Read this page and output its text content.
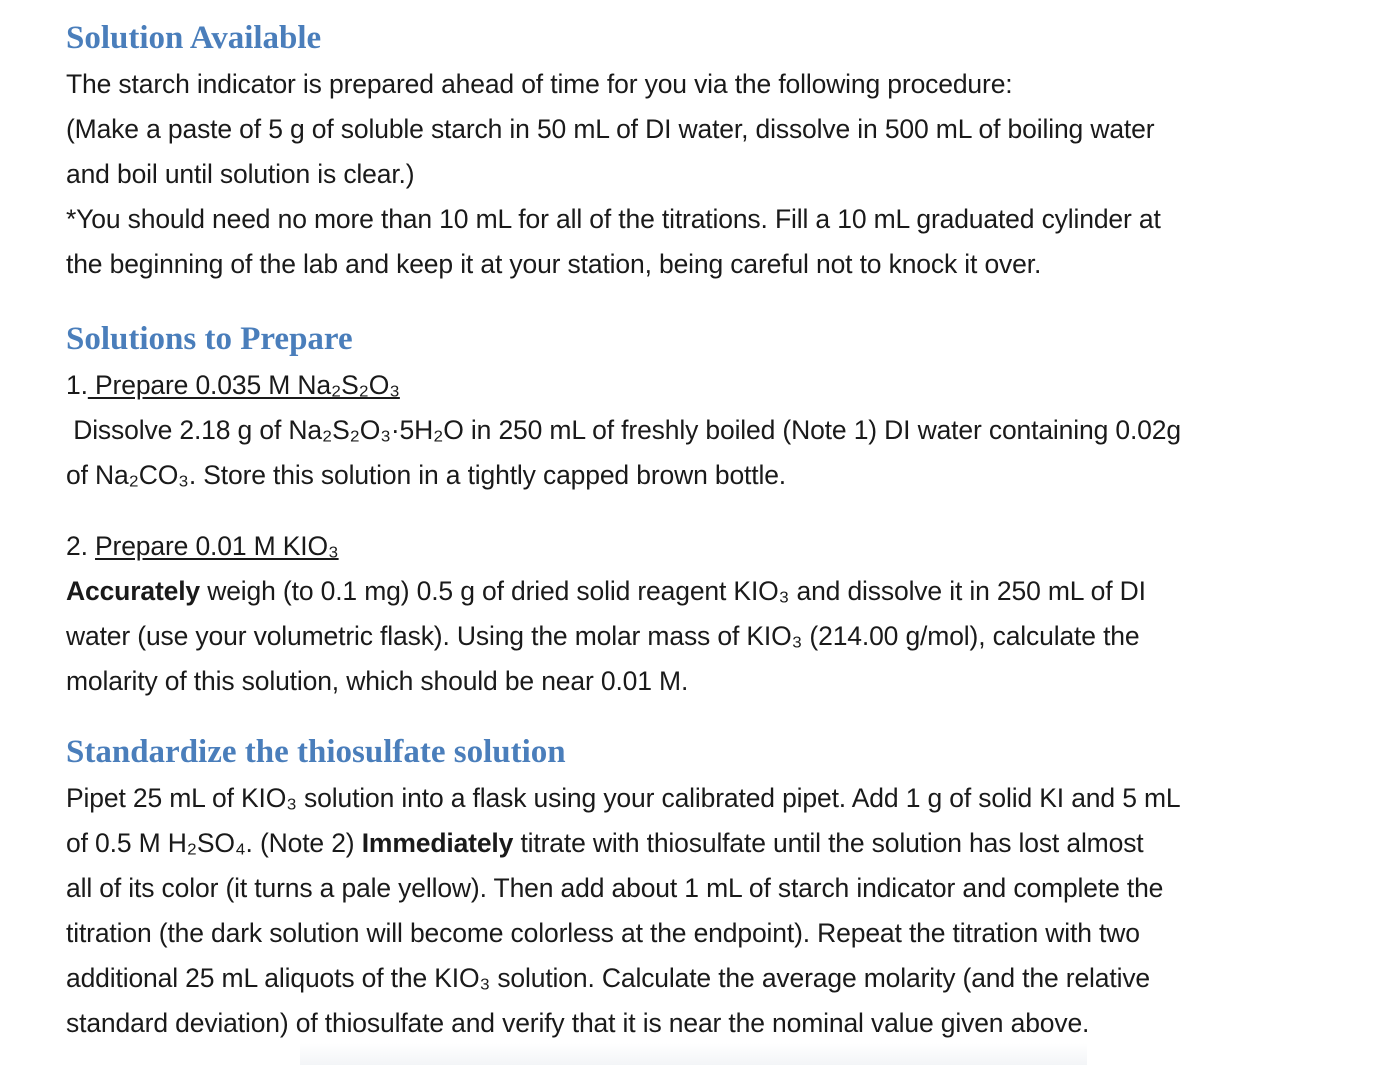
Solution Available

The starch indicator is prepared ahead of time for you via the following procedure:

(Make a paste of 5 g of soluble starch in 50 mL of DI water, dissolve in 500 mL of boiling water

and boil until solution is clear.)

*You should need no more than 10 mL for all of the titrations. Fill a 10 mL graduated cylinder at

the beginning of the lab and keep it at your station, being careful not to knock it over.

Solutions to Prepare

1. Prepare 0.035 M Na₂S₂O₃

Dissolve 2.18 g of Na₂S₂O₃·5H₂O in 250 mL of freshly boiled (Note 1) DI water containing 0.02g

of Na₂CO₃. Store this solution in a tightly capped brown bottle.

2. Prepare 0.01 M KIO₃

Accurately weigh (to 0.1 mg) 0.5 g of dried solid reagent KIO₃ and dissolve it in 250 mL of DI

water (use your volumetric flask). Using the molar mass of KIO₃ (214.00 g/mol), calculate the

molarity of this solution, which should be near 0.01 M.

Standardize the thiosulfate solution

Pipet 25 mL of KIO₃ solution into a flask using your calibrated pipet. Add 1 g of solid KI and 5 mL

of 0.5 M H₂SO₄. (Note 2) Immediately titrate with thiosulfate until the solution has lost almost

all of its color (it turns a pale yellow). Then add about 1 mL of starch indicator and complete the

titration (the dark solution will become colorless at the endpoint). Repeat the titration with two

additional 25 mL aliquots of the KIO₃ solution. Calculate the average molarity (and the relative

standard deviation) of thiosulfate and verify that it is near the nominal value given above.
